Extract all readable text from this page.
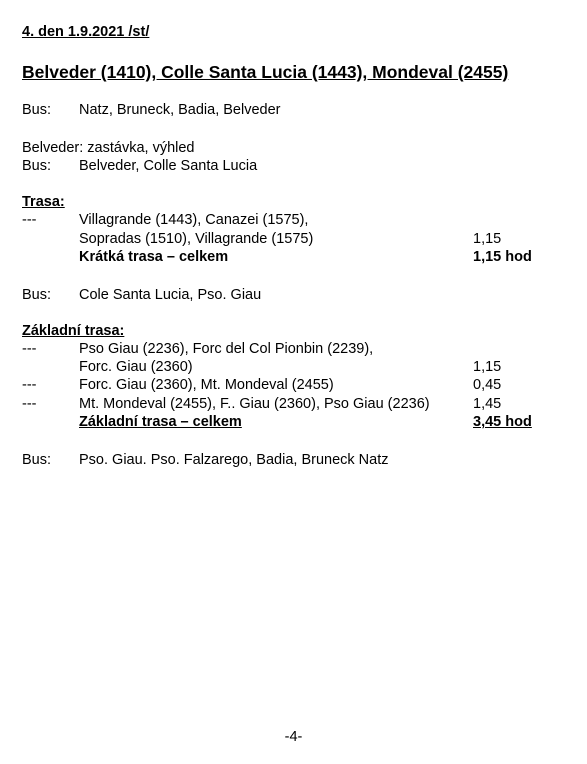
4. den 1.9.2021 /st/
Belveder (1410), Colle Santa Lucia (1443), Mondeval (2455)
Bus: Natz, Bruneck, Badia, Belveder
Belveder: zastávka, výhled
Bus: Belveder, Colle Santa Lucia
Trasa:
---	Villagrande (1443), Canazei (1575),
Sopradas (1510), Villagrande (1575)	1,15
Krátká trasa – celkem	1,15 hod
Bus: Cole Santa Lucia, Pso. Giau
Základní trasa:
---	Pso Giau (2236), Forc del Col Pionbin (2239),
Forc. Giau (2360)	1,15
---	Forc. Giau (2360), Mt. Mondeval (2455)	0,45
---	Mt. Mondeval (2455), F.. Giau (2360), Pso Giau (2236)	1,45
Základní trasa – celkem	3,45 hod
Bus: Pso. Giau. Pso. Falzarego, Badia, Bruneck Natz
-4-
